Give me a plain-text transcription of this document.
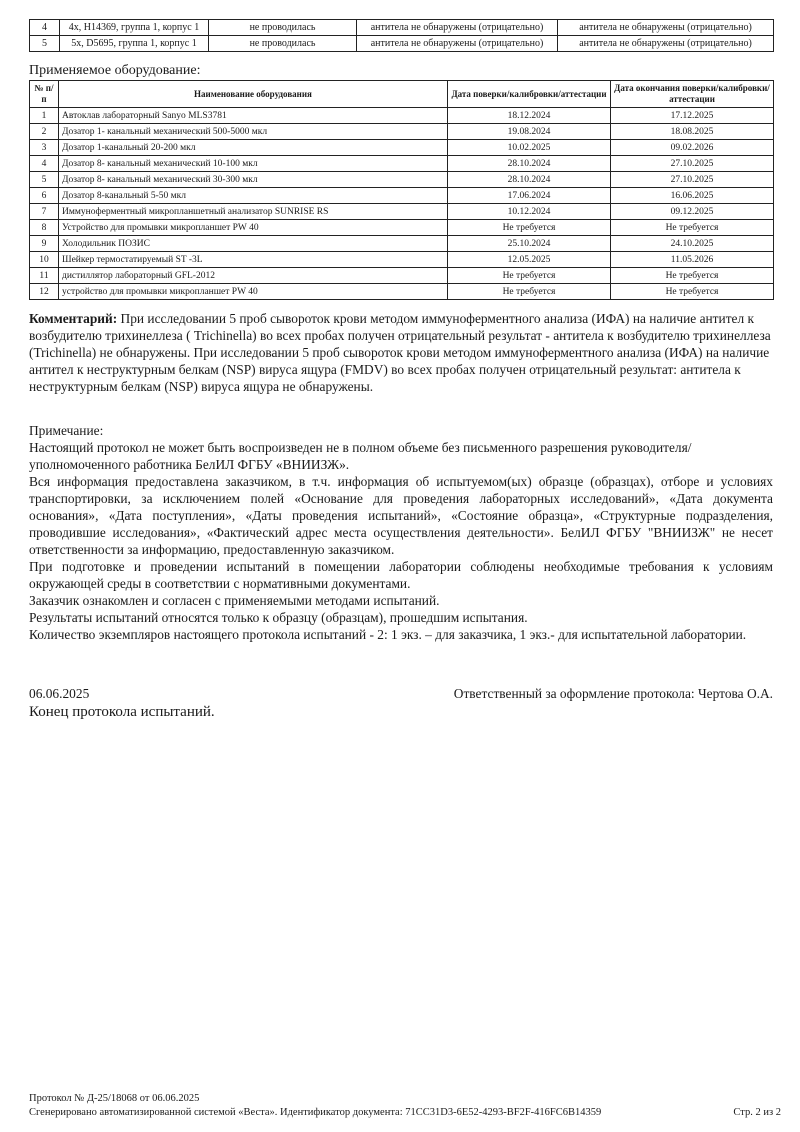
4	4х, Н14369, группа 1, корпус 1	не проводилась	антитела не обнаружены (отрицательно)	антитела не обнаружены (отрицательно)
5	5х, D5695, группа 1, корпус 1	не проводилась	антитела не обнаружены (отрицательно)	антитела не обнаружены (отрицательно)
Применяемое оборудование:
№ п/п	Наименование оборудования	Дата поверки/калибровки/аттестации	Дата окончания поверки/калибровки/аттестации
1	Автоклав лабораторный Sanyo MLS3781	18.12.2024	17.12.2025
2	Дозатор 1- канальный механический 500-5000 мкл	19.08.2024	18.08.2025
3	Дозатор 1-канальный 20-200 мкл	10.02.2025	09.02.2026
4	Дозатор 8- канальный механический 10-100 мкл	28.10.2024	27.10.2025
5	Дозатор 8- канальный механический 30-300 мкл	28.10.2024	27.10.2025
6	Дозатор 8-канальный 5-50 мкл	17.06.2024	16.06.2025
7	Иммуноферментный микропланшетный анализатор SUNRISE RS	10.12.2024	09.12.2025
8	Устройство для промывки микропланшет PW 40	Не требуется	Не требуется
9	Холодильник ПОЗИС	25.10.2024	24.10.2025
10	Шейкер термостатируемый ST -3L	12.05.2025	11.05.2026
11	дистиллятор лабораторный GFL-2012	Не требуется	Не требуется
12	устройство для промывки микропланшет PW 40	Не требуется	Не требуется
Комментарий: При исследовании 5 проб сывороток крови методом иммуноферментного анализа (ИФА) на наличие антител к возбудителю трихинеллеза ( Trichinella) во всех пробах получен отрицательный результат - антитела к возбудителю трихинеллеза (Trichinella) не обнаружены. При исследовании 5 проб сывороток крови методом иммуноферментного анализа (ИФА) на наличие антител к неструктурным белкам (NSP) вируса ящура (FMDV) во всех пробах получен отрицательный результат: антитела к неструктурным белкам (NSP) вируса ящура не обнаружены.

Примечание:

Настоящий протокол не может быть воспроизведен не в полном объеме без письменного разрешения руководителя/уполномоченного работника БелИЛ ФГБУ «ВНИИЗЖ».

Вся информация предоставлена заказчиком, в т.ч. информация об испытуемом(ых) образце (образцах), отборе и условиях транспортировки, за исключением полей «Основание для проведения лабораторных исследований», «Дата документа основания», «Дата поступления», «Даты проведения испытаний», «Состояние образца», «Структурные подразделения, проводившие исследования», «Фактический адрес места осуществления деятельности». БелИЛ ФГБУ "ВНИИЗЖ" не несет ответственности за информацию, предоставленную заказчиком.

При подготовке и проведении испытаний в помещении лаборатории соблюдены необходимые требования к условиям окружающей среды в соответствии с нормативными документами.

Заказчик ознакомлен и согласен с применяемыми методами испытаний.

Результаты испытаний относятся только к образцу (образцам), прошедшим испытания.

Количество экземпляров настоящего протокола испытаний - 2: 1 экз. – для заказчика, 1 экз.- для испытательной лаборатории.

06.06.2025	Ответственный за оформление протокола: Чертова О.А.
Конец протокола испытаний.
Протокол № Д-25/18068 от 06.06.2025
Сгенерировано автоматизированной системой «Веста». Идентификатор документа: 71CC31D3-6E52-4293-BF2F-416FC6B14359	Стр. 2 из 2
